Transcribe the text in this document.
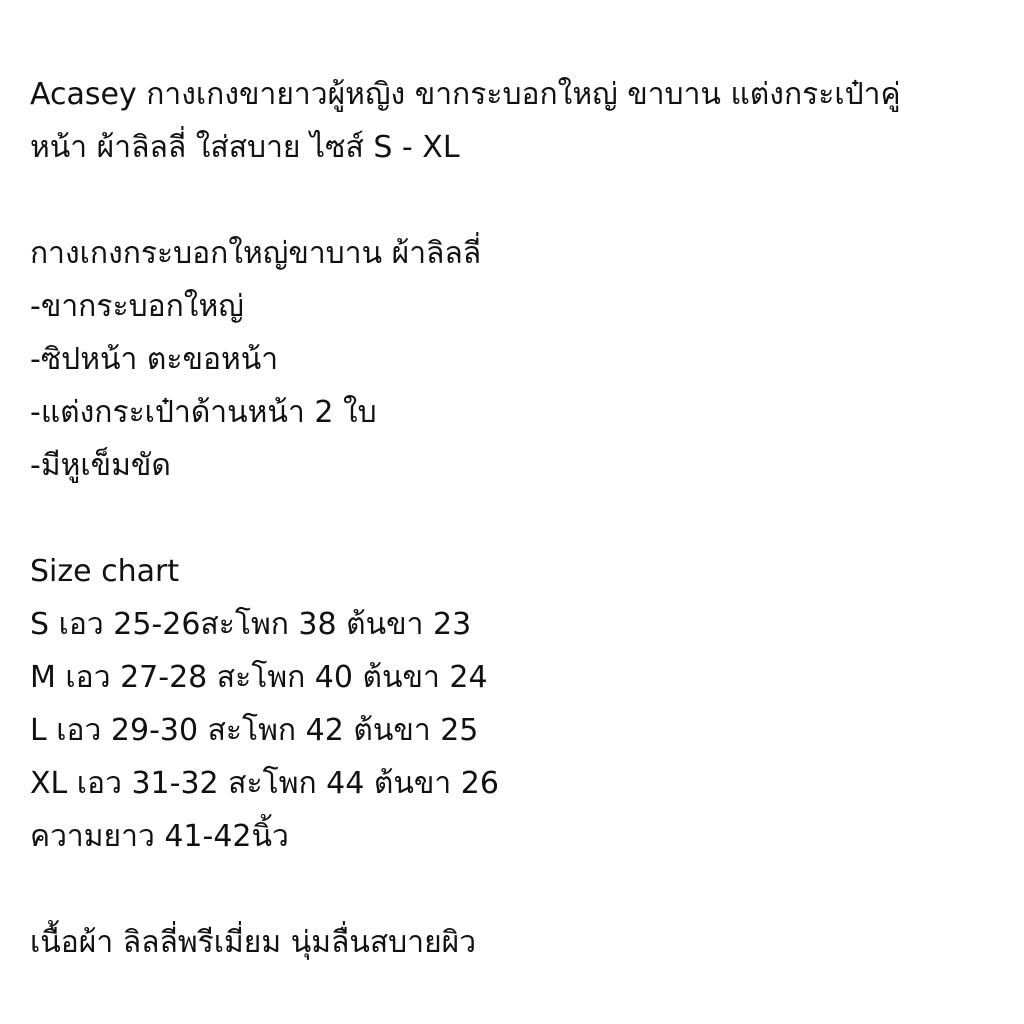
Acasey กางเกงขายาวผู้หญิง ขากระบอกใหญ่ ขาบาน แต่งกระเป๋าคู่
หน้า ผ้าลิลลี่ ใส่สบาย ไซส์ S - XL
กางเกงกระบอกใหญ่ขาบาน ผ้าลิลลี่
-ขากระบอกใหญ่
-ซิปหน้า ตะขอหน้า
-แต่งกระเป๋าด้านหน้า 2 ใบ
-มีหูเข็มขัด
Size chart
S เอว 25-26สะโพก 38 ต้นขา 23
M เอว 27-28 สะโพก 40 ต้นขา 24
L เอว 29-30 สะโพก 42 ต้นขา 25
XL เอว 31-32 สะโพก 44 ต้นขา 26
ความยาว 41-42นิ้ว
เนื้อผ้า ลิลลี่พรีเมี่ยม นุ่มลื่นสบายผิว
